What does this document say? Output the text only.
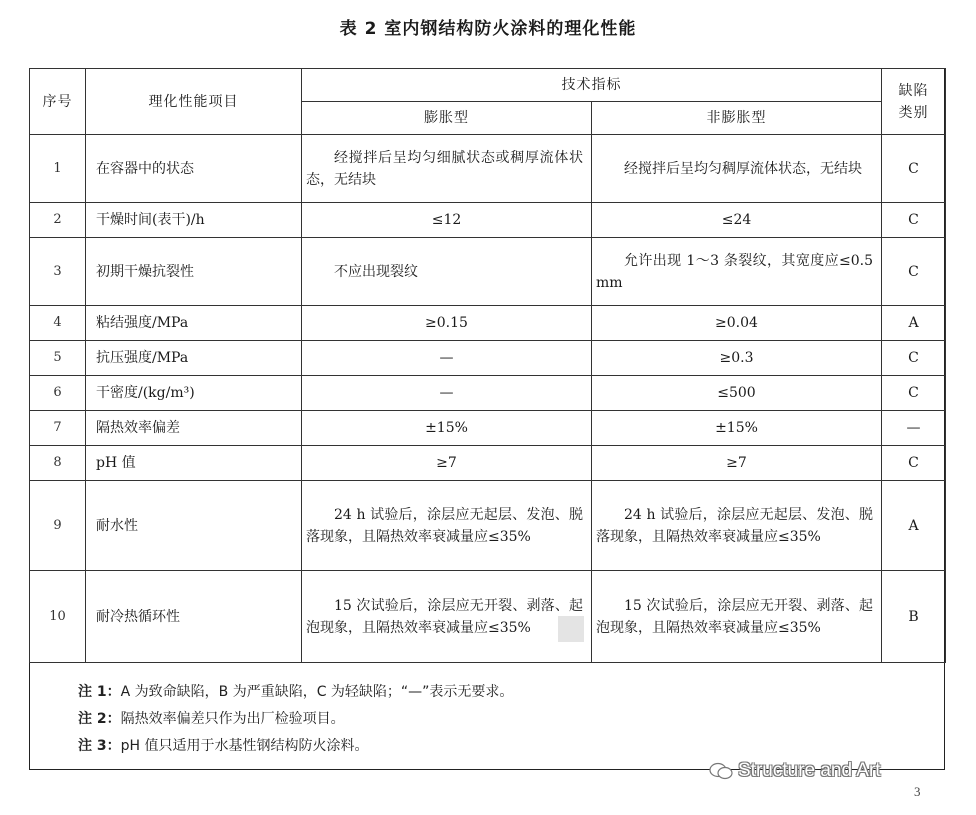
表 2 室内钢结构防火涂料的理化性能
序号	理化性能项目	技术指标		缺陷
类别

		膨胀型	非膨胀型	
1	在容器中的状态	经搅拌后呈均匀细腻状态或稠厚流体状态，无结块	经搅拌后呈均匀稠厚流体状态，无结块	C
2	干燥时间(表干)/h	≤12	≤24	C
3	初期干燥抗裂性	不应出现裂纹	允许出现 1～3 条裂纹，其宽度应≤0.5 mm	C
4	粘结强度/MPa	≥0.15	≥0.04	A
5	抗压强度/MPa	—	≥0.3	C
6	干密度/(kg/m³)	—	≤500	C
7	隔热效率偏差	±15%	±15%	—
8	pH 值	≥7	≥7	C
9	耐水性	24 h 试验后，涂层应无起层、发泡、脱落现象，且隔热效率衰减量应≤35%	24 h 试验后，涂层应无起层、发泡、脱落现象，且隔热效率衰减量应≤35%	A
10	耐冷热循环性	15 次试验后，涂层应无开裂、剥落、起泡现象，且隔热效率衰减量应≤35%	15 次试验后，涂层应无开裂、剥落、起泡现象，且隔热效率衰减量应≤35%	B
注 1：A 为致命缺陷，B 为严重缺陷，C 为轻缺陷；“—”表示无要求。
注 2：隔热效率偏差只作为出厂检验项目。
注 3：pH 值只适用于水基性钢结构防火涂料。
Structure and Art
3
